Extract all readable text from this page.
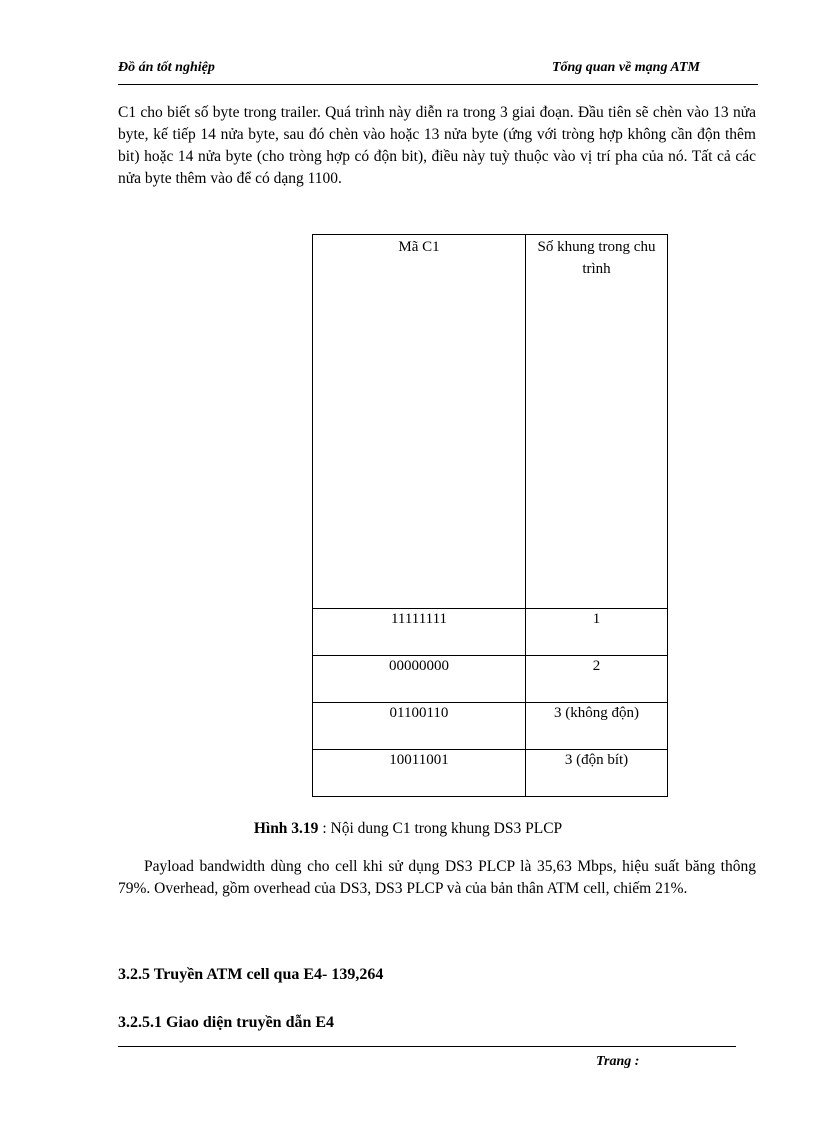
Đồ án tốt nghiệp	Tổng quan về mạng ATM

C1 cho biết số byte trong trailer. Quá trình này diễn ra trong 3 giai đoạn. Đầu tiên sẽ chèn vào 13 nửa byte, kế tiếp 14 nửa byte, sau đó chèn vào hoặc 13 nửa byte (ứng với tròng hợp không cần độn thêm bit) hoặc 14 nửa byte (cho tròng hợp có độn bit), điều này tuỳ thuộc vào vị trí pha của nó. Tất cả các nửa byte thêm vào để có dạng 1100.

Mã C1	Số khung trong chu trình
11111111	1
00000000	2
01100110	3 (không độn)
10011001	3 (độn bít)
Hình 3.19 : Nội dung C1 trong khung DS3 PLCP

Payload bandwidth dùng cho cell khi sử dụng DS3 PLCP là 35,63 Mbps, hiệu suất băng thông 79%. Overhead, gồm overhead của DS3, DS3 PLCP và của bản thân ATM cell, chiếm 21%.

3.2.5 Truyền ATM cell qua E4- 139,264
3.2.5.1 Giao diện truyền dẫn E4
Trang :
